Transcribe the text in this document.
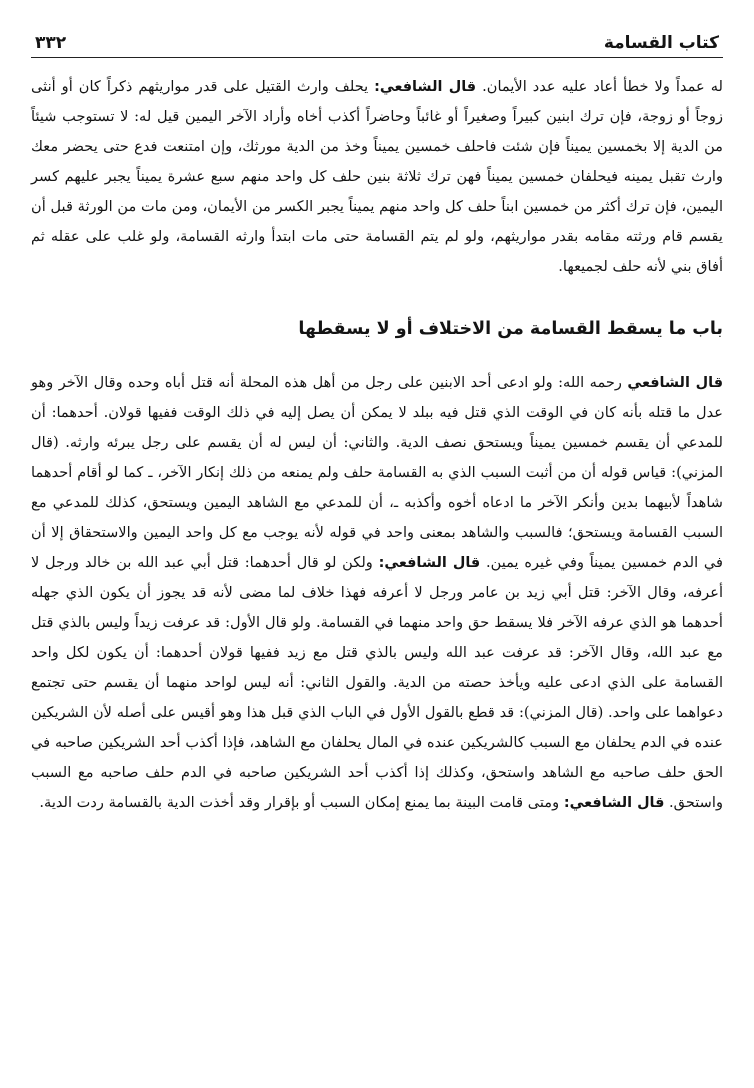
كتاب القسامة
٣٣٢

له عمداً ولا خطأ أعاد عليه عدد الأيمان. قال الشافعي: يحلف وارث القتيل على قدر مواريثهم ذكراً كان أو أنثى زوجاً أو زوجة، فإن ترك ابنين كبيراً وصغيراً أو غائباً وحاضراً أكذب أخاه وأراد الآخر اليمين قيل له: لا تستوجب شيئاً من الدية إلا بخمسين يميناً فإن شئت فاحلف خمسين يميناً وخذ من الدية مورثك، وإن امتنعت فدع حتى يحضر معك وارث تقبل يمينه فيحلفان خمسين يميناً فهن ترك ثلاثة بنين حلف كل واحد منهم سبع عشرة يميناً يجبر عليهم كسر اليمين، فإن ترك أكثر من خمسين ابناً حلف كل واحد منهم يميناً يجبر الكسر من الأيمان، ومن مات من الورثة قبل أن يقسم قام ورثته مقامه بقدر مواريثهم، ولو لم يتم القسامة حتى مات ابتدأ وارثه القسامة، ولو غلب على عقله ثم أفاق بني لأنه حلف لجميعها.

باب ما يسقط القسامة من الاختلاف أو لا يسقطها

قال الشافعي رحمه الله: ولو ادعى أحد الابنين على رجل من أهل هذه المحلة أنه قتل أباه وحده وقال الآخر وهو عدل ما قتله بأنه كان في الوقت الذي قتل فيه ببلد لا يمكن أن يصل إليه في ذلك الوقت ففيها قولان. أحدهما: أن للمدعي أن يقسم خمسين يميناً ويستحق نصف الدية. والثاني: أن ليس له أن يقسم على رجل يبرئه وارثه. (قال المزني): قياس قوله أن من أثبت السبب الذي به القسامة حلف ولم يمنعه من ذلك إنكار الآخر، ـ كما لو أقام أحدهما شاهداً لأبيهما بدين وأنكر الآخر ما ادعاه أخوه وأكذبه ـ، أن للمدعي مع الشاهد اليمين ويستحق، كذلك للمدعي مع السبب القسامة ويستحق؛ فالسبب والشاهد بمعنى واحد في قوله لأنه يوجب مع كل واحد اليمين والاستحقاق إلا أن في الدم خمسين يميناً وفي غيره يمين. قال الشافعي: ولكن لو قال أحدهما: قتل أبي عبد الله بن خالد ورجل لا أعرفه، وقال الآخر: قتل أبي زيد بن عامر ورجل لا أعرفه فهذا خلاف لما مضى لأنه قد يجوز أن يكون الذي جهله أحدهما هو الذي عرفه الآخر فلا يسقط حق واحد منهما في القسامة. ولو قال الأول: قد عرفت زيداً وليس بالذي قتل مع عبد الله، وقال الآخر: قد عرفت عبد الله وليس بالذي قتل مع زيد ففيها قولان أحدهما: أن يكون لكل واحد القسامة على الذي ادعى عليه ويأخذ حصته من الدية. والقول الثاني: أنه ليس لواحد منهما أن يقسم حتى تجتمع دعواهما على واحد. (قال المزني): قد قطع بالقول الأول في الباب الذي قبل هذا وهو أقيس على أصله لأن الشريكين عنده في الدم يحلفان مع السبب كالشريكين عنده في المال يحلفان مع الشاهد، فإذا أكذب أحد الشريكين صاحبه في الحق حلف صاحبه مع الشاهد واستحق، وكذلك إذا أكذب أحد الشريكين صاحبه في الدم حلف صاحبه مع السبب واستحق. قال الشافعي: ومتى قامت البينة بما يمنع إمكان السبب أو بإقرار وقد أخذت الدية بالقسامة ردت الدية.
